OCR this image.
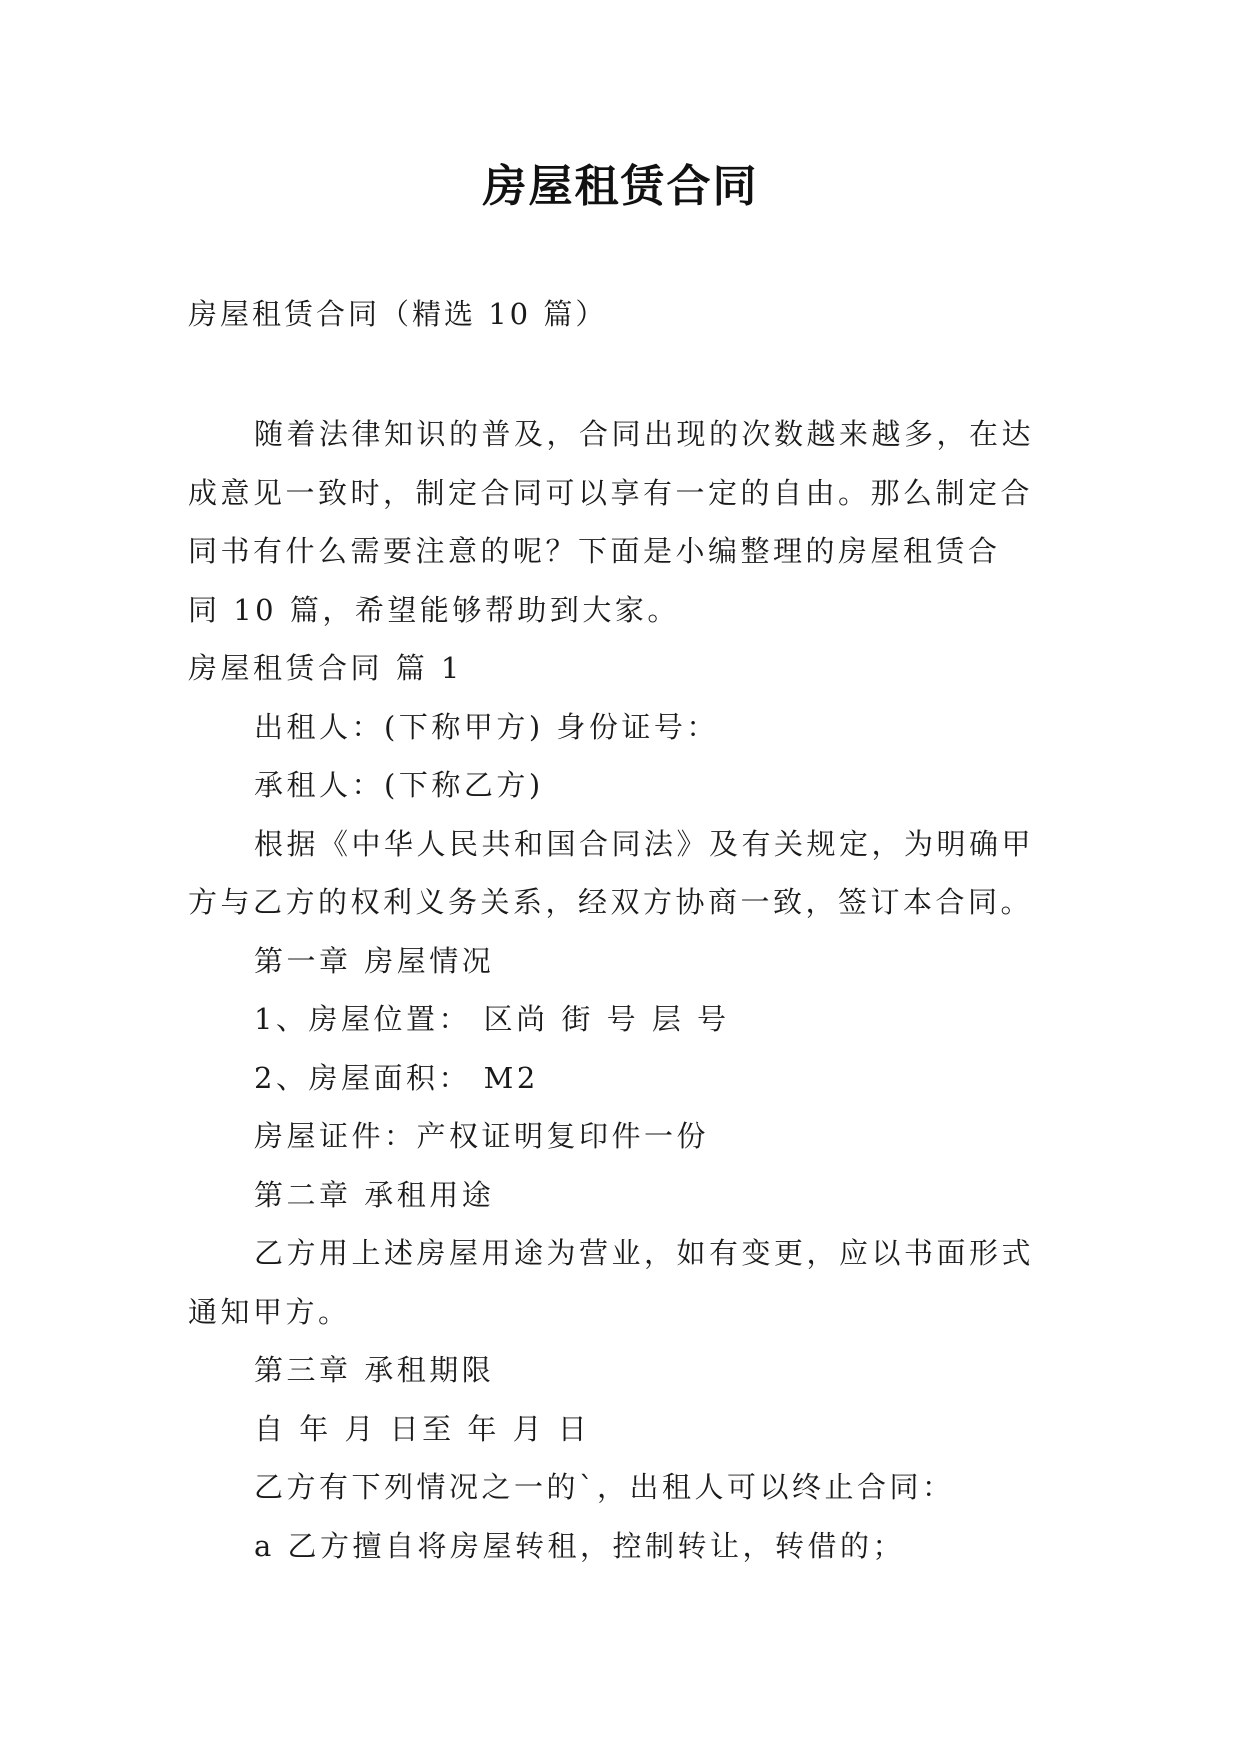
房屋租赁合同
房屋租赁合同（精选 10 篇）

随着法律知识的普及，合同出现的次数越来越多，在达

成意见一致时，制定合同可以享有一定的自由。那么制定合

同书有什么需要注意的呢？下面是小编整理的房屋租赁合

同 10 篇，希望能够帮助到大家。

房屋租赁合同 篇 1

出租人：(下称甲方) 身份证号：

承租人：(下称乙方)

根据《中华人民共和国合同法》及有关规定，为明确甲

方与乙方的权利义务关系，经双方协商一致，签订本合同。

第一章 房屋情况

1、房屋位置： 区尚 街 号 层 号

2、房屋面积： M2

房屋证件：产权证明复印件一份

第二章 承租用途

乙方用上述房屋用途为营业，如有变更，应以书面形式

通知甲方。

第三章 承租期限

自 年 月 日至 年 月 日

乙方有下列情况之一的`，出租人可以终止合同：

a 乙方擅自将房屋转租，控制转让，转借的；
